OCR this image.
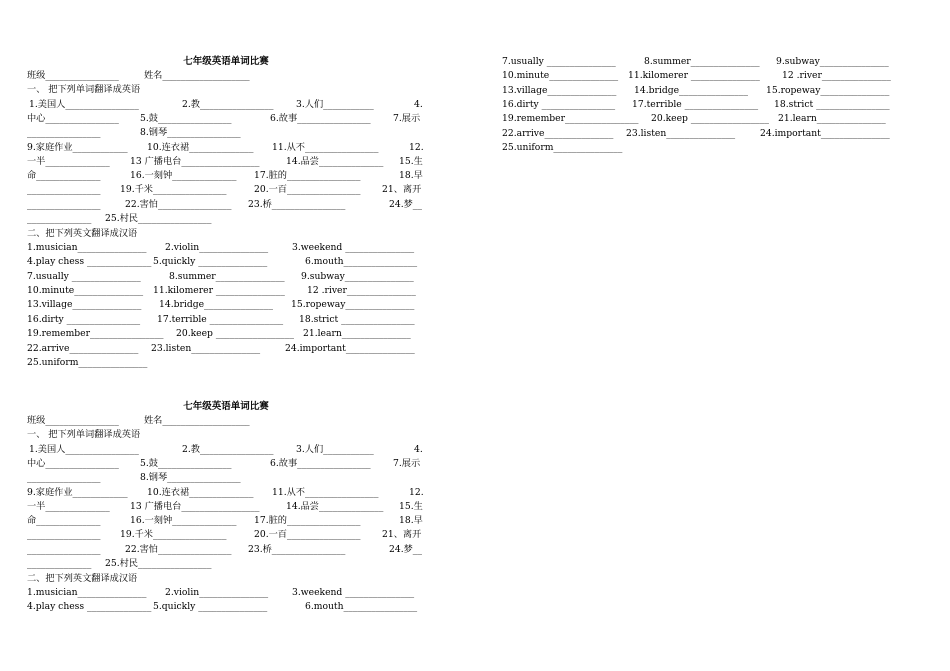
七年级英语单词比赛
班级________________	姓名___________________
一、 把下列单词翻译成英语
1.美国人________________	2.教________________ 3.人们___________	4.
中心________________ 5.鼓________________	6.故事________________ 7.展示
________________	8.钢琴________________
9.家庭作业____________ 10.连衣裙______________ 11.从不________________	12.
一半______________ 13 广播电台_________________	14.品尝______________ 15.生
命______________	16.一刻钟______________ 17.脏的________________	18.早
________________ 19.千米________________	20.一百________________ 21、离开
________________	22.害怕________________ 23.桥________________	24.梦__
______________ 25.村民________________
二、把下列英文翻译成汉语
1.musician_______________ 2.violin_______________	3.weekend _______________
4.play chess ______________ 5.quickly _______________	6.mouth________________
7.usually _______________	8.summer_______________ 9.subway_______________
10.minute_______________ 11.kilomerer _______________ 12 .river_______________
13.village_______________ 14.bridge_______________ 15.ropeway_______________
16.dirty ________________ 17.terrible ________________ 18.strict ________________
19.remember________________ 20.keep _________________ 21.learn_______________
22.arrive_______________ 23.listen_______________	24.important_______________
25.uniform_______________
7.usually _______________	8.summer_______________ 9.subway_______________
10.minute_______________ 11.kilomerer _______________ 12 .river_______________
13.village_______________ 14.bridge_______________ 15.ropeway_______________
16.dirty ________________ 17.terrible ________________ 18.strict ________________
19.remember________________ 20.keep _________________ 21.learn_______________
22.arrive_______________ 23.listen_______________	24.important_______________
25.uniform_______________
七年级英语单词比赛
班级________________	姓名___________________
一、 把下列单词翻译成英语
1.美国人________________	2.教________________ 3.人们___________	4.
中心________________ 5.鼓________________	6.故事________________ 7.展示
________________	8.钢琴________________
9.家庭作业____________ 10.连衣裙______________ 11.从不________________	12.
一半______________ 13 广播电台_________________	14.品尝______________ 15.生
命______________	16.一刻钟______________ 17.脏的________________	18.早
________________ 19.千米________________	20.一百________________ 21、离开
________________	22.害怕________________ 23.桥________________	24.梦__
______________ 25.村民________________
二、把下列英文翻译成汉语
1.musician_______________ 2.violin_______________	3.weekend _______________
4.play chess ______________ 5.quickly _______________	6.mouth________________
